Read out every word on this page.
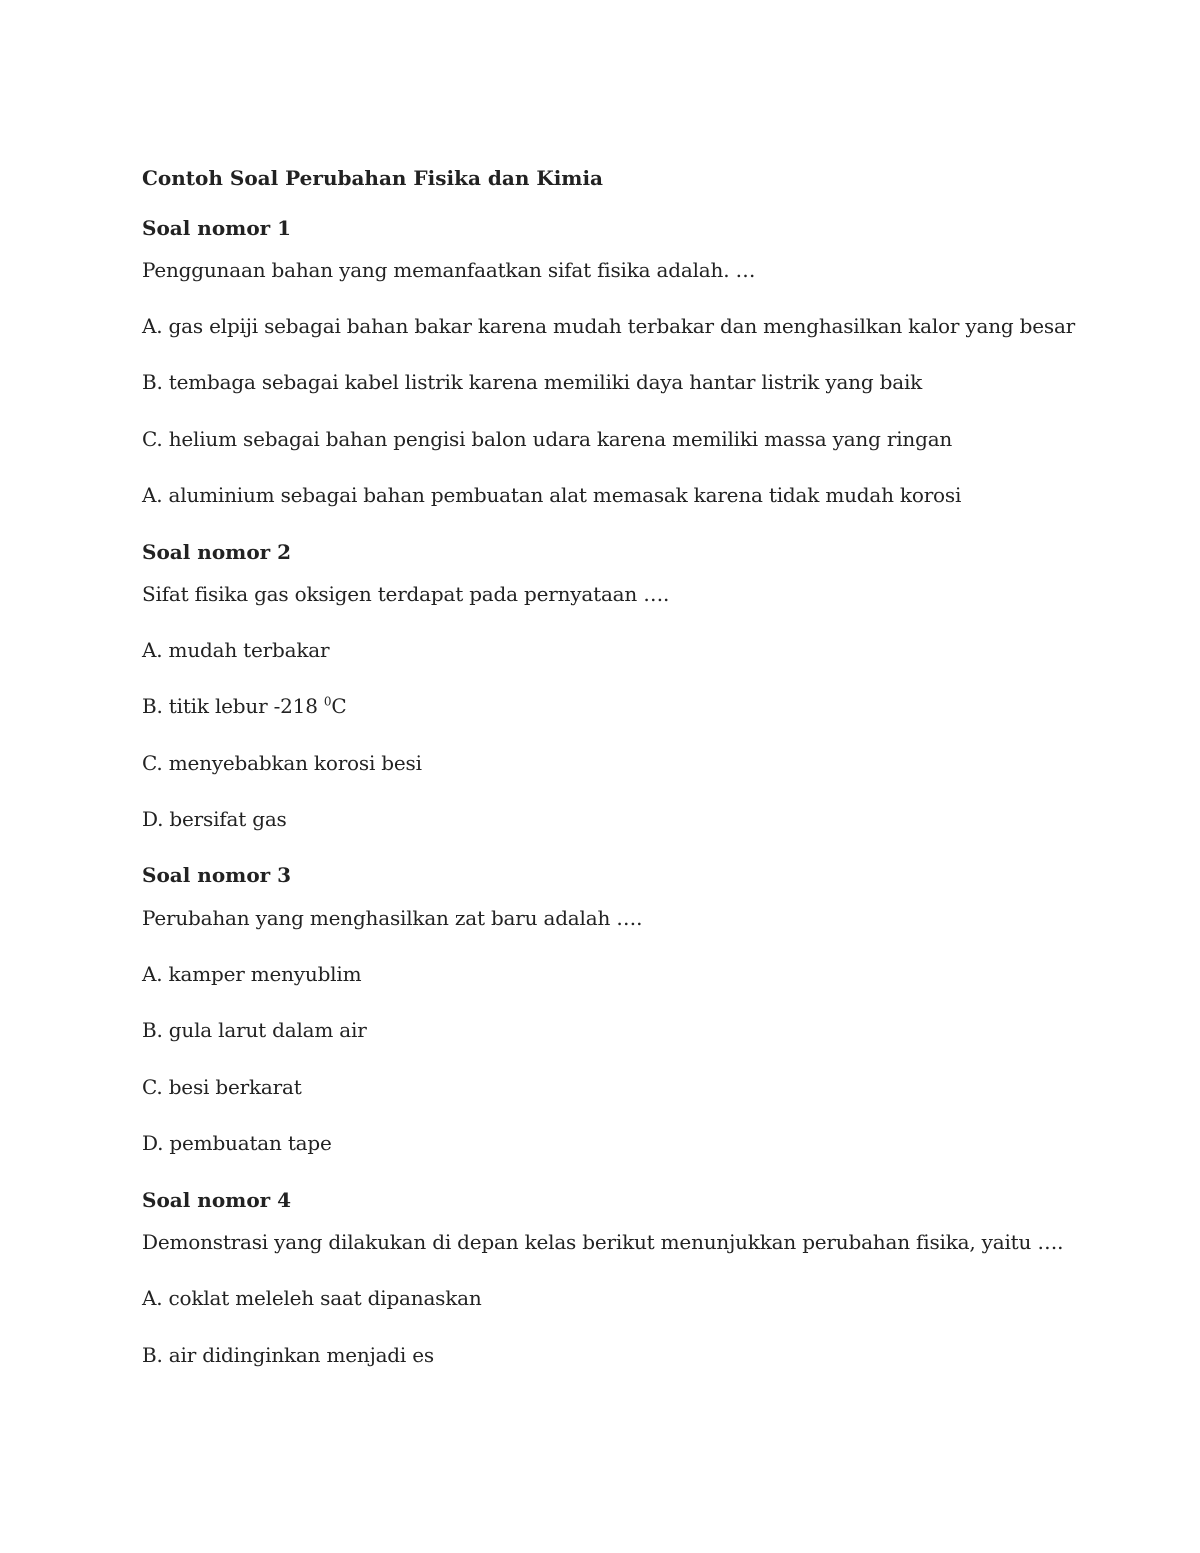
Contoh Soal Perubahan Fisika dan Kimia
Soal nomor 1

Penggunaan bahan yang memanfaatkan sifat fisika adalah. …

A. gas elpiji sebagai bahan bakar karena mudah terbakar dan menghasilkan kalor yang besar

B. tembaga sebagai kabel listrik karena memiliki daya hantar listrik yang baik

C. helium sebagai bahan pengisi balon udara karena memiliki massa yang ringan

A. aluminium sebagai bahan pembuatan alat memasak karena tidak mudah korosi

Soal nomor 2

Sifat fisika gas oksigen terdapat pada pernyataan ….

A. mudah terbakar

B. titik lebur -218 $^0$C

C. menyebabkan korosi besi

D. bersifat gas

Soal nomor 3

Perubahan yang menghasilkan zat baru adalah ….

A. kamper menyublim

B. gula larut dalam air

C. besi berkarat

D. pembuatan tape

Soal nomor 4

Demonstrasi yang dilakukan di depan kelas berikut menunjukkan perubahan fisika, yaitu ….

A. coklat meleleh saat dipanaskan

B. air didinginkan menjadi es
